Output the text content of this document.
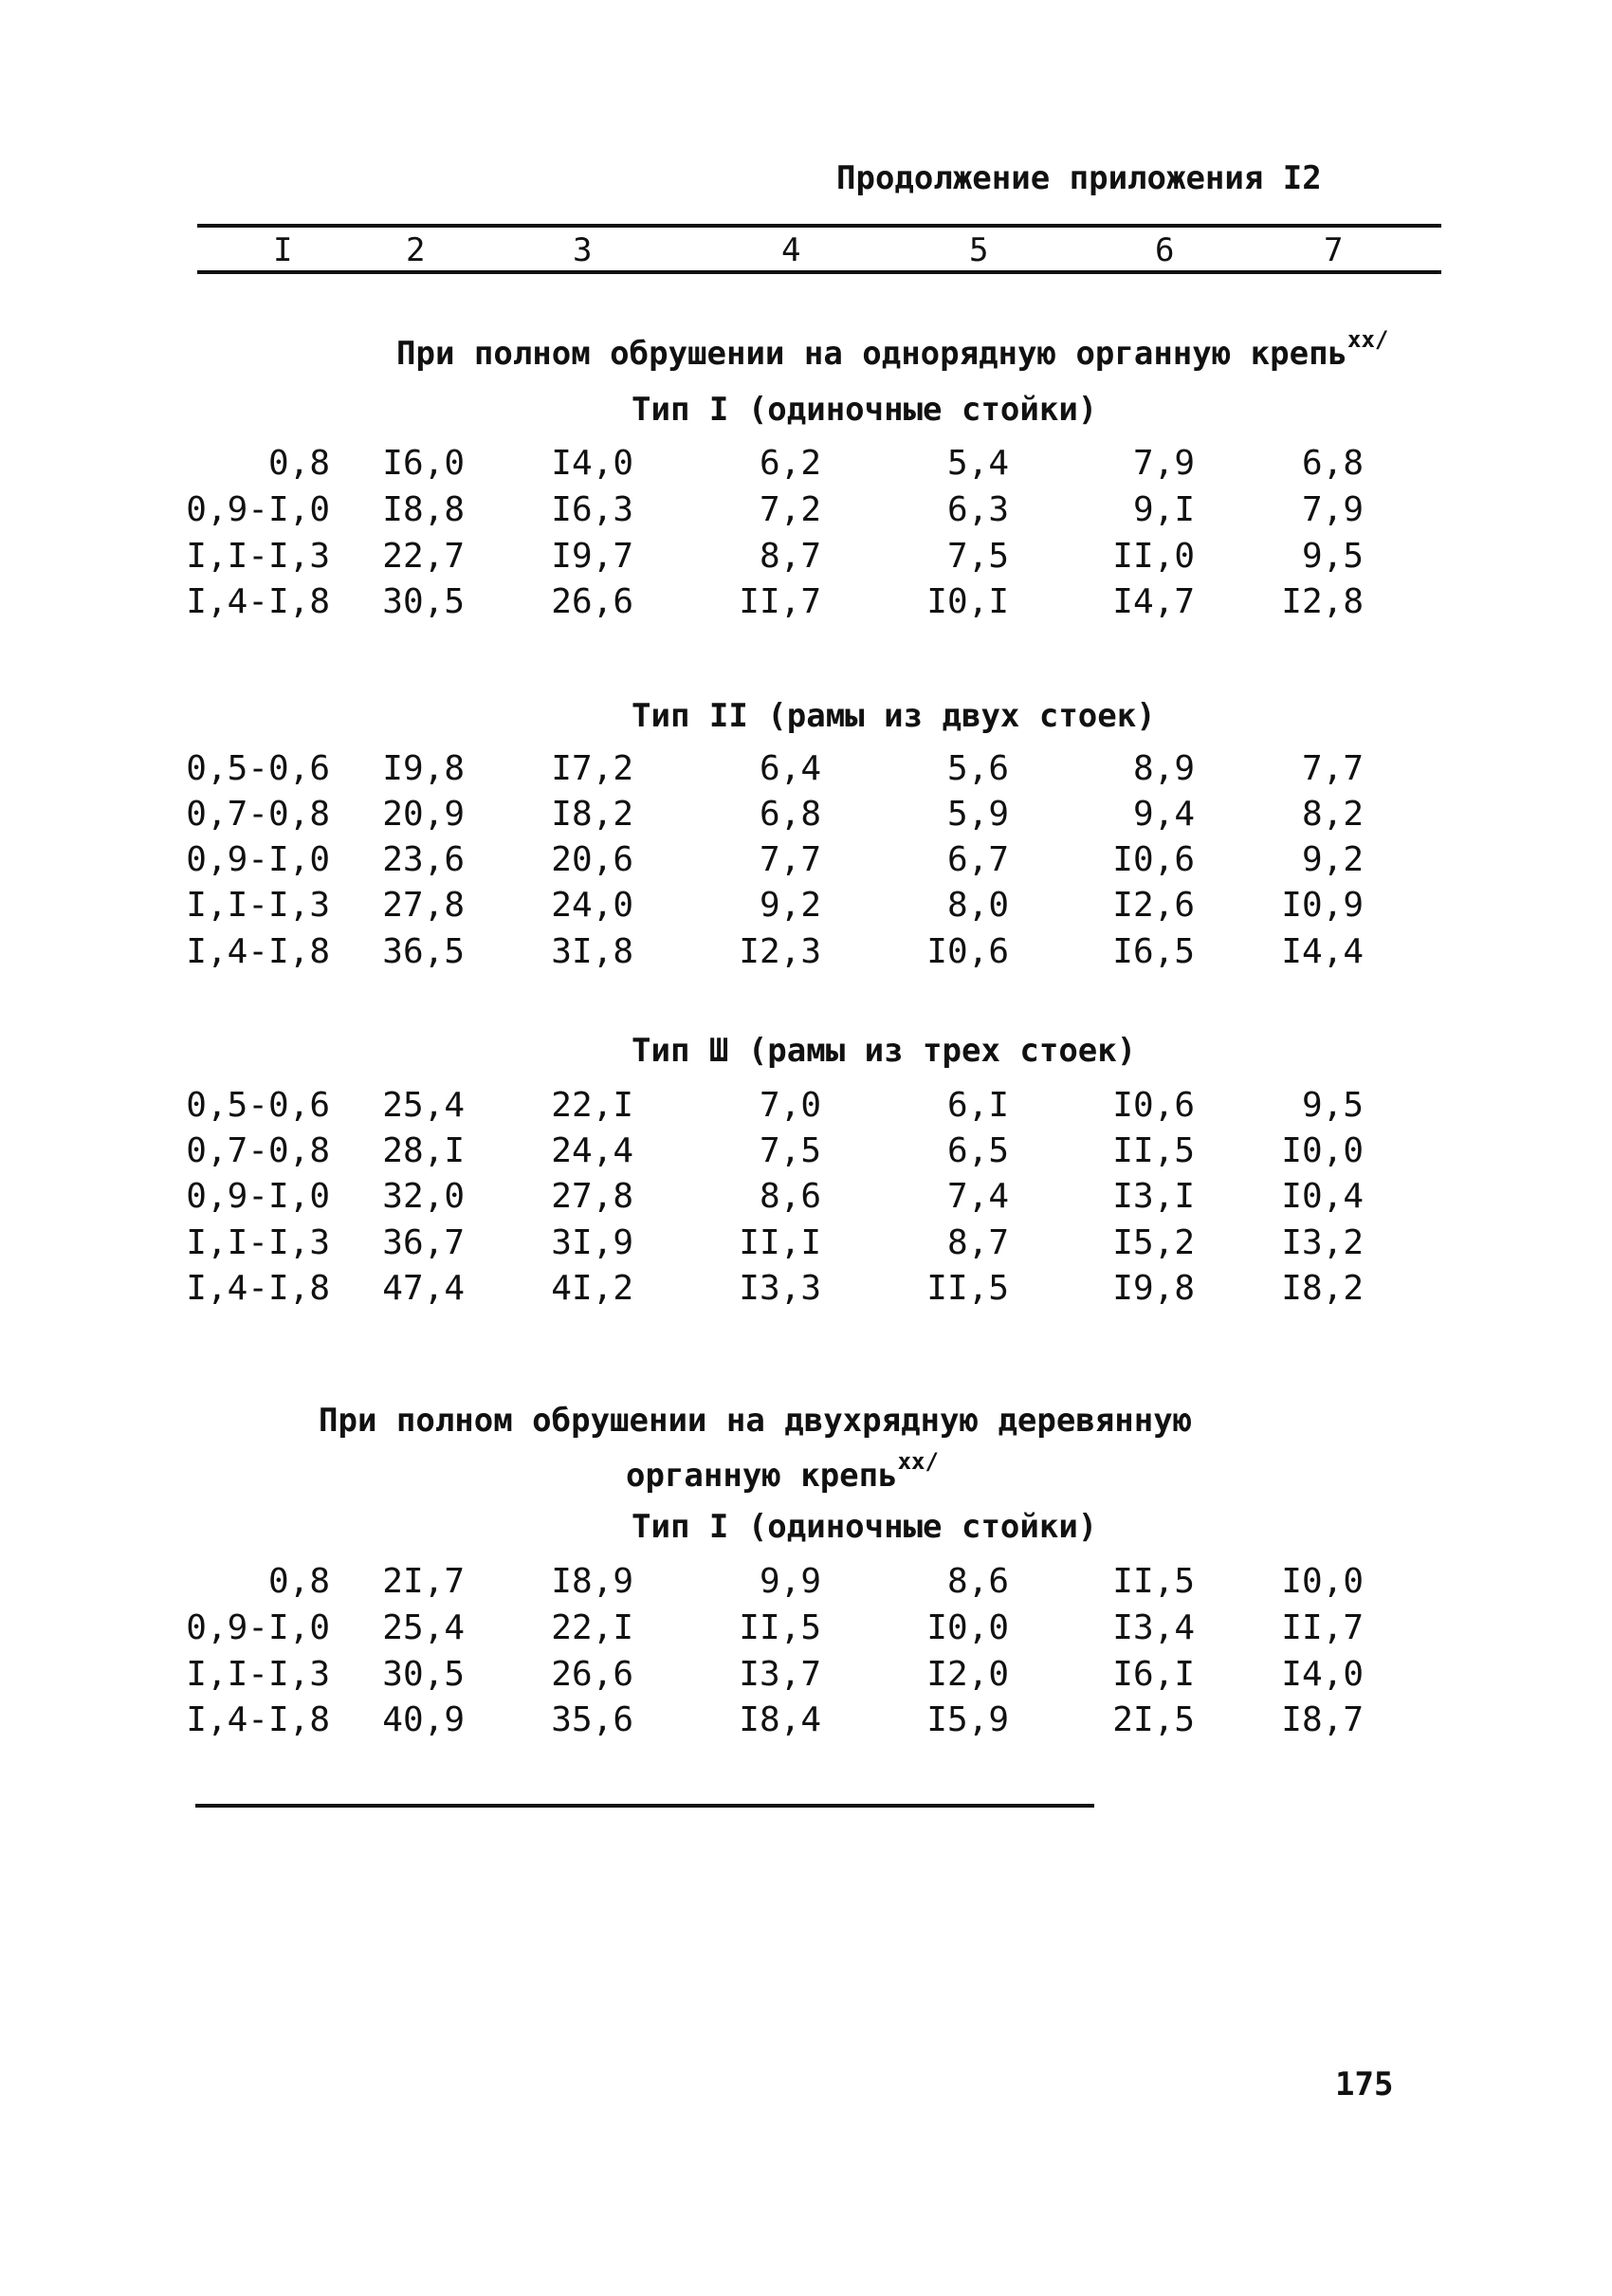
Продолжение приложения I2
I	2	3	4	5	6	7
При полном обрушении на однорядную органную крепь$^{xx/}$
Тип I (одиночные стойки)
Тип II (рамы из двух стоек)
Тип Ш (рамы из трех стоек)
При полном обрушении на двухрядную деревянную
органную крепь$^{xx/}$
Тип I (одиночные стойки)
0,8 I6,0	I4,0	6,2	5,4	7,9	6,8
0,9-I,0 I8,8	I6,3	7,2	6,3	9,I	7,9
I,I-I,3 22,7	I9,7	8,7	7,5	II,0	9,5
I,4-I,8 30,5	26,6	II,7	I0,I	I4,7	I2,8
0,5-0,6 I9,8	I7,2	6,4	5,6	8,9	7,7
0,7-0,8 20,9	I8,2	6,8	5,9	9,4	8,2
0,9-I,0 23,6	20,6	7,7	6,7	I0,6	9,2
I,I-I,3 27,8	24,0	9,2	8,0	I2,6	I0,9
I,4-I,8 36,5	3I,8	I2,3	I0,6	I6,5	I4,4
0,5-0,6 25,4	22,I	7,0	6,I	I0,6	9,5
0,7-0,8 28,I	24,4	7,5	6,5	II,5	I0,0
0,9-I,0 32,0	27,8	8,6	7,4	I3,I	I0,4
I,I-I,3 36,7	3I,9	II,I	8,7	I5,2	I3,2
I,4-I,8 47,4	4I,2	I3,3	II,5	I9,8	I8,2
0,8 2I,7	I8,9	9,9	8,6	II,5	I0,0
0,9-I,0 25,4	22,I	II,5	I0,0	I3,4	II,7
I,I-I,3 30,5	26,6	I3,7	I2,0	I6,I	I4,0
I,4-I,8 40,9	35,6	I8,4	I5,9	2I,5	I8,7
175
